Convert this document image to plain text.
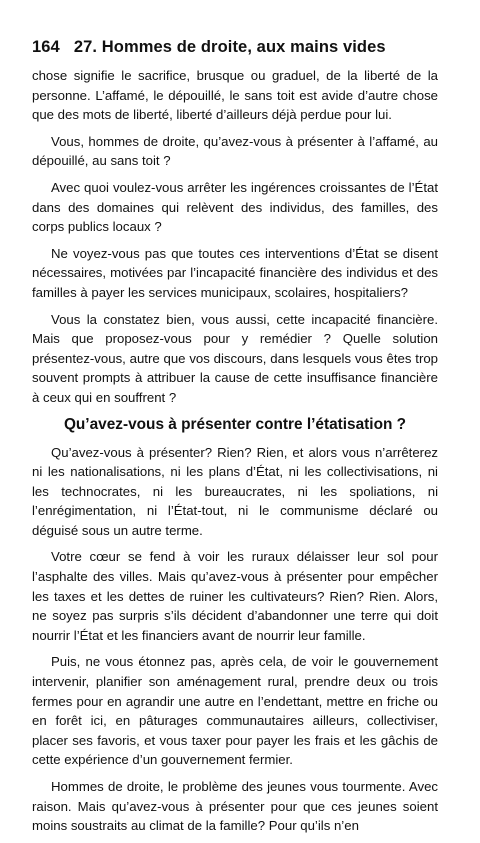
164 27. Hommes de droite, aux mains vides

chose signifie le sacrifice, brusque ou graduel, de la liberté de la personne. L’affamé, le dépouillé, le sans toit est avide d’autre chose que des mots de liberté, liberté d’ailleurs déjà perdue pour lui.

Vous, hommes de droite, qu’avez-vous à présenter à l’affamé, au dépouillé, au sans toit ?

Avec quoi voulez-vous arrêter les ingérences croissantes de l’État dans des domaines qui relèvent des individus, des familles, des corps publics locaux ?

Ne voyez-vous pas que toutes ces interventions d’État se disent nécessaires, motivées par l’incapacité financière des individus et des familles à payer les services municipaux, scolaires, hospitaliers?

Vous la constatez bien, vous aussi, cette incapacité financière. Mais que proposez-vous pour y remédier ? Quelle solution présentez-vous, autre que vos discours, dans lesquels vous êtes trop souvent prompts à attribuer la cause de cette insuffisance financière à ceux qui en souffrent ?

Qu’avez-vous à présenter contre l’étatisation ?

Qu’avez-vous à présenter? Rien? Rien, et alors vous n’arrêterez ni les nationalisations, ni les plans d’État, ni les collectivisations, ni les technocrates, ni les bureaucrates, ni les spoliations, ni l’enrégimentation, ni l’État-tout, ni le communisme déclaré ou déguisé sous un autre terme.

Votre cœur se fend à voir les ruraux délaisser leur sol pour l’asphalte des villes. Mais qu’avez-vous à présenter pour empêcher les taxes et les dettes de ruiner les cultivateurs? Rien? Rien. Alors, ne soyez pas surpris s’ils décident d’abandonner une terre qui doit nourrir l’État et les financiers avant de nourrir leur famille.

Puis, ne vous étonnez pas, après cela, de voir le gouvernement intervenir, planifier son aménagement rural, prendre deux ou trois fermes pour en agrandir une autre en l’endettant, mettre en friche ou en forêt ici, en pâturages communautaires ailleurs, collectiviser, placer ses favoris, et vous taxer pour payer les frais et les gâchis de cette expérience d’un gouvernement fermier.

Hommes de droite, le problème des jeunes vous tourmente. Avec raison. Mais qu’avez-vous à présenter pour que ces jeunes soient moins soustraits au climat de la famille? Pour qu’ils n’en
